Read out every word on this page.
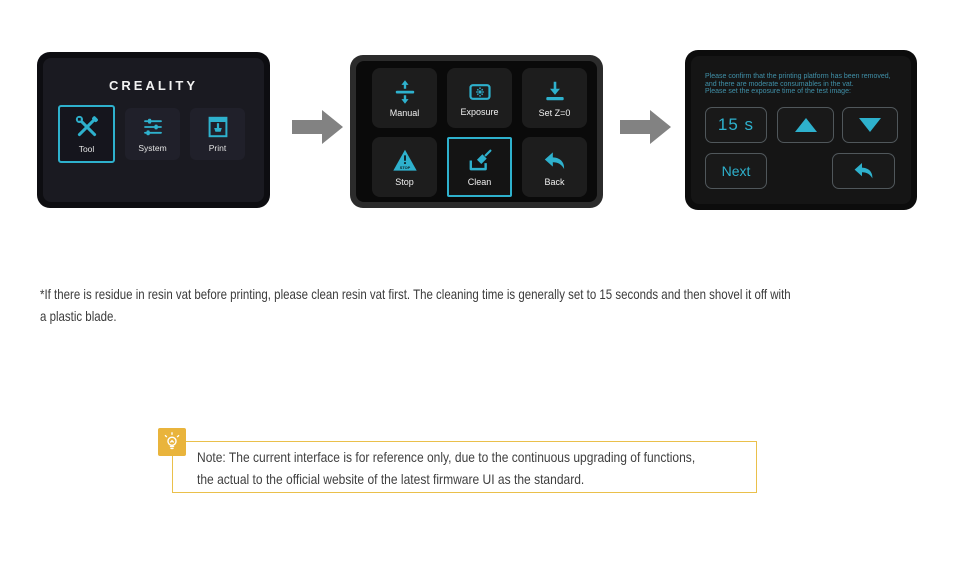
CREALITY
Tool	System	Print
Manual	Exposure	Set Z=0
STOP
Stop	Clean	Back
Please confirm that the printing platform has been removed,
and there are moderate consumables in the vat.
Please set the exposure time of the test image:
15 s
Next
*If there is residue in resin vat before printing, please clean resin vat first. The cleaning time is generally set to 15 seconds and then shovel it off with
a plastic blade.
Note: The current interface is for reference only, due to the continuous upgrading of functions,
the actual to the official website of the latest firmware UI as the standard.
